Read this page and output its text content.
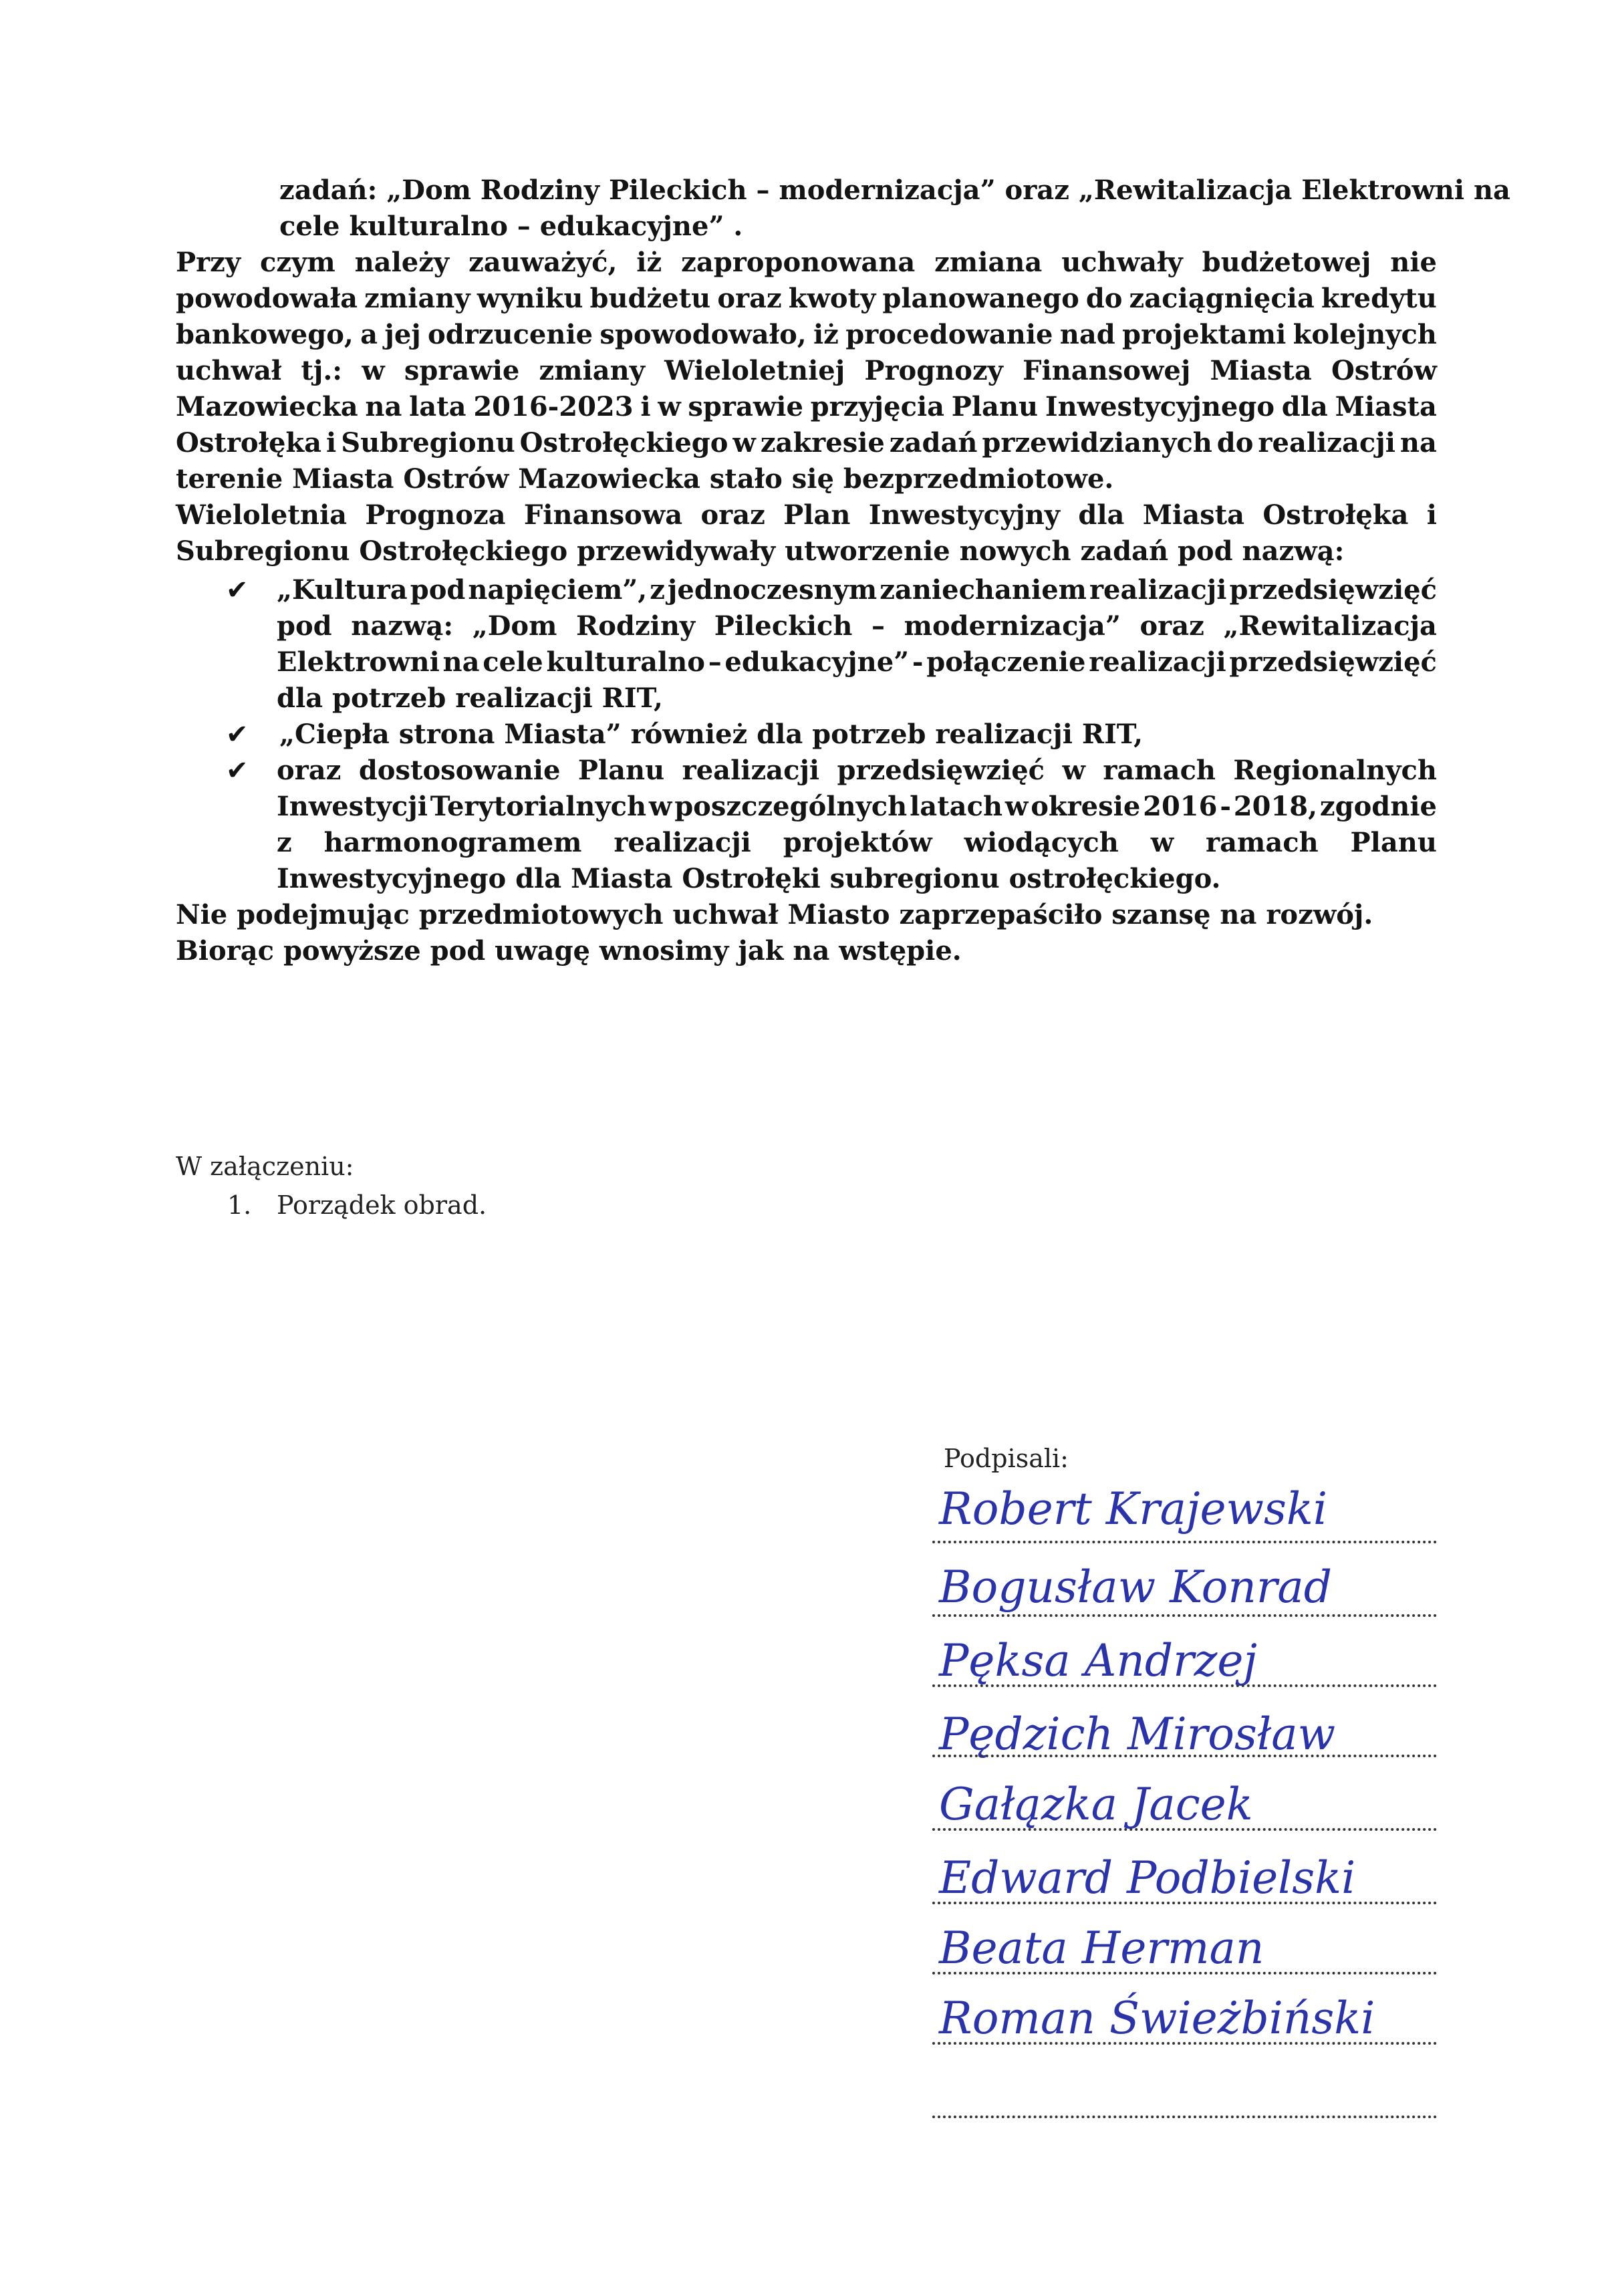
zadań: „Dom Rodziny Pileckich – modernizacja” oraz „Rewitalizacja Elektrowni na
cele kulturalno – edukacyjne” .
Przy czym należy zauważyć, iż zaproponowana zmiana uchwały budżetowej nie
powodowała zmiany wyniku budżetu oraz kwoty planowanego do zaciągnięcia kredytu
bankowego, a jej odrzucenie spowodowało, iż procedowanie nad projektami kolejnych
uchwał tj.: w sprawie zmiany Wieloletniej Prognozy Finansowej Miasta Ostrów
Mazowiecka na lata 2016-2023 i w sprawie przyjęcia Planu Inwestycyjnego dla Miasta
Ostrołęka i Subregionu Ostrołęckiego w zakresie zadań przewidzianych do realizacji na
terenie Miasta Ostrów Mazowiecka stało się bezprzedmiotowe.
Wieloletnia Prognoza Finansowa oraz Plan Inwestycyjny dla Miasta Ostrołęka i
Subregionu Ostrołęckiego przewidywały utworzenie nowych zadań pod nazwą:
✔ „Kultura pod napięciem”, z jednoczesnym zaniechaniem realizacji przedsięwzięć
pod nazwą: „Dom Rodziny Pileckich – modernizacja” oraz „Rewitalizacja
Elektrowni na cele kulturalno – edukacyjne” - połączenie realizacji przedsięwzięć
dla potrzeb realizacji RIT,
✔ „Ciepła strona Miasta” również dla potrzeb realizacji RIT,
✔ oraz dostosowanie Planu realizacji przedsięwzięć w ramach Regionalnych
Inwestycji Terytorialnych w poszczególnych latach w okresie 2016 - 2018, zgodnie
z harmonogramem realizacji projektów wiodących w ramach Planu
Inwestycyjnego dla Miasta Ostrołęki subregionu ostrołęckiego.
Nie podejmując przedmiotowych uchwał Miasto zaprzepaściło szansę na rozwój.
Biorąc powyższe pod uwagę wnosimy jak na wstępie.
W załączeniu:
1. Porządek obrad.
Podpisali:
Robert Krajewski
Bogusław Konrad
Pęksa Andrzej
Pędzich Mirosław
Gałązka Jacek
Edward Podbielski
Beata Herman
Roman Świeżbiński
